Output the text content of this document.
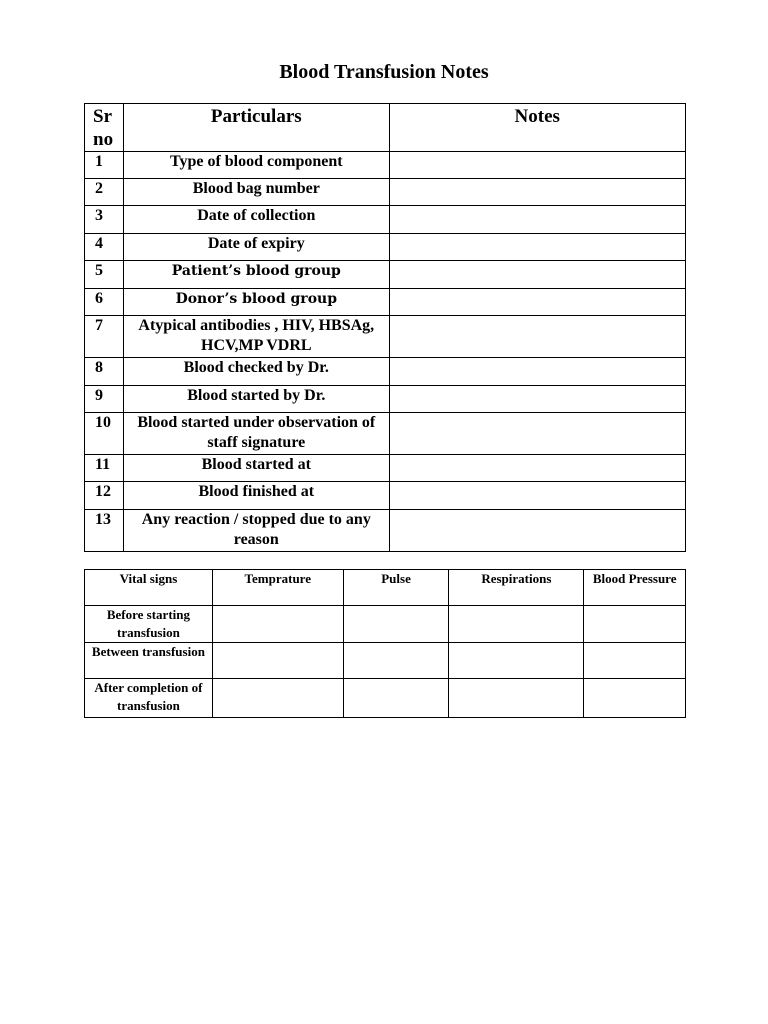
Blood Transfusion Notes
Sr no	Particulars	Notes
1	Type of blood component	
2	Blood bag number	
3	Date of collection	
4	Date of expiry	
5	Patient’s blood group	
6	Donor’s blood group	
7	Atypical antibodies , HIV, HBSAg, HCV,MP VDRL	
8	Blood checked by Dr.	
9	Blood started by Dr.	
10	Blood started under observation of staff signature	
11	Blood started at	
12	Blood finished at	
13	Any reaction / stopped due to any reason	
Vital signs	Temprature	Pulse	Respirations	Blood Pressure
Before starting transfusion				
Between transfusion				
After completion of transfusion				
